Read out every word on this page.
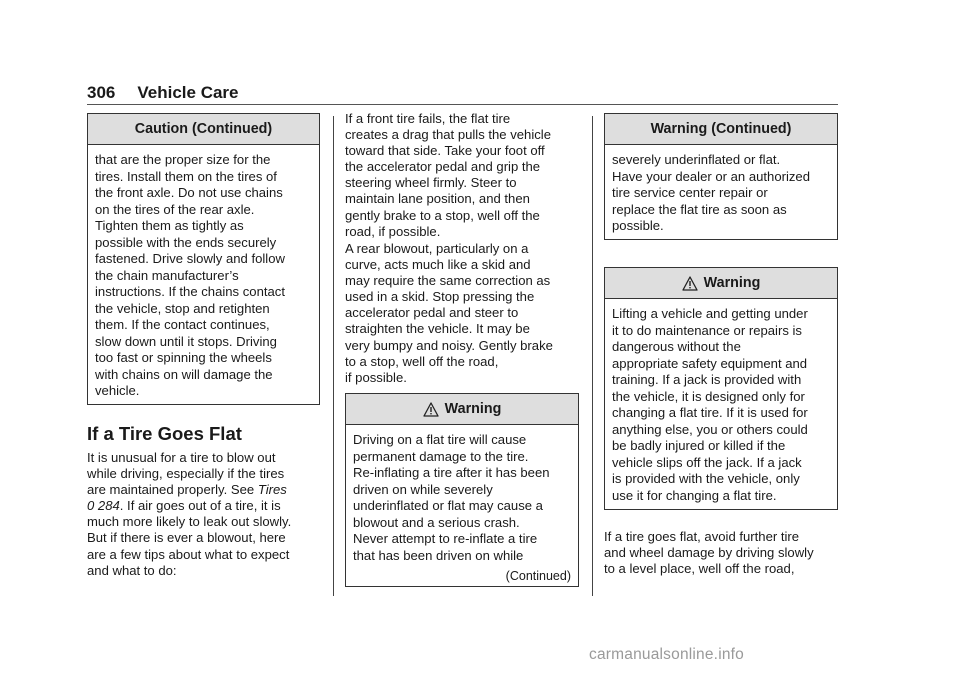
306 Vehicle Care
Caution (Continued)
that are the proper size for the
tires. Install them on the tires of
the front axle. Do not use chains
on the tires of the rear axle.
Tighten them as tightly as
possible with the ends securely
fastened. Drive slowly and follow
the chain manufacturer’s
instructions. If the chains contact
the vehicle, stop and retighten
them. If the contact continues,
slow down until it stops. Driving
too fast or spinning the wheels
with chains on will damage the
vehicle.
If a Tire Goes Flat
It is unusual for a tire to blow out
while driving, especially if the tires
are maintained properly. See Tires
0 284. If air goes out of a tire, it is
much more likely to leak out slowly.
But if there is ever a blowout, here
are a few tips about what to expect
and what to do:
If a front tire fails, the flat tire
creates a drag that pulls the vehicle
toward that side. Take your foot off
the accelerator pedal and grip the
steering wheel firmly. Steer to
maintain lane position, and then
gently brake to a stop, well off the
road, if possible.
A rear blowout, particularly on a
curve, acts much like a skid and
may require the same correction as
used in a skid. Stop pressing the
accelerator pedal and steer to
straighten the vehicle. It may be
very bumpy and noisy. Gently brake
to a stop, well off the road,
if possible.
Warning
Driving on a flat tire will cause
permanent damage to the tire.
Re-inflating a tire after it has been
driven on while severely
underinflated or flat may cause a
blowout and a serious crash.
Never attempt to re-inflate a tire
that has been driven on while
(Continued)
Warning (Continued)
severely underinflated or flat.
Have your dealer or an authorized
tire service center repair or
replace the flat tire as soon as
possible.
Warning
Lifting a vehicle and getting under
it to do maintenance or repairs is
dangerous without the
appropriate safety equipment and
training. If a jack is provided with
the vehicle, it is designed only for
changing a flat tire. If it is used for
anything else, you or others could
be badly injured or killed if the
vehicle slips off the jack. If a jack
is provided with the vehicle, only
use it for changing a flat tire.
If a tire goes flat, avoid further tire
and wheel damage by driving slowly
to a level place, well off the road,
carmanualsonline.info
